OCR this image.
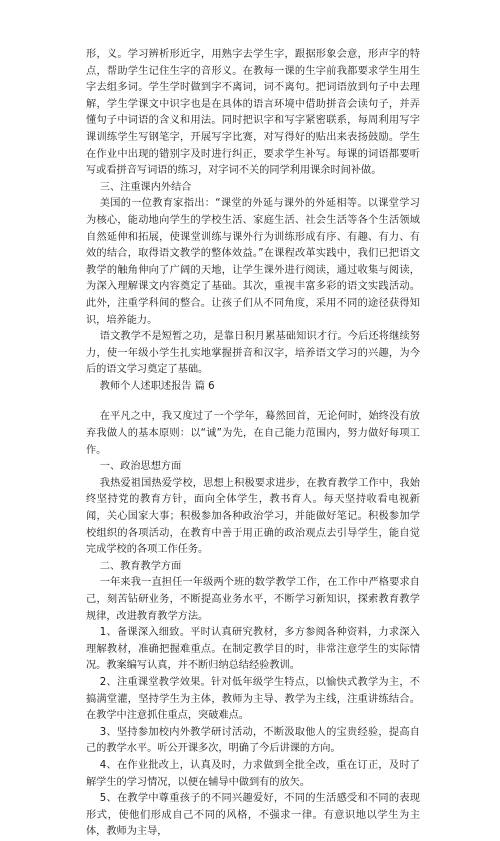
形，义。学习辨析形近字，用熟字去学生字，跟据形象会意，形声字的特点，帮助学生记住生字的音形义。在教每一课的生字前我都要求学生用生字去组多词。学生学时做到字不离词，词不离句。把词语放到句子中去理解，学生学课文中识字也是在具体的语言环境中借助拼音会读句子，并弄懂句子中词语的含义和用法。同时把识字和写字紧密联系，每周利用写字课训练学生写钢笔字，开展写字比赛，对写得好的贴出来表扬鼓励。学生在作业中出现的错别字及时进行纠正，要求学生补写。每课的词语都要听写或看拼音写词语的练习，对字词不关的同学利用课余时间补做。

三、注重课内外结合

美国的一位教育家指出：“课堂的外延与课外的外延相等。以课堂学习为核心，能动地向学生的学校生活、家庭生活、社会生活等各个生活领域自然延伸和拓展，使课堂训练与课外行为训练形成有序、有趣、有力、有效的结合，取得语文教学的整体效益。”在课程改革实践中，我们已把语文教学的触角伸向了广阔的天地，让学生课外进行阅读，通过收集与阅读，为深入理解课文内容奠定了基础。其次，重视丰富多彩的语文实践活动。此外，注重学科间的整合。让孩子们从不同角度，采用不同的途径获得知识，培养能力。

语文教学不是短暂之功，是靠日积月累基础知识才行。今后还将继续努力，使一年级小学生扎实地掌握拼音和汉字，培养语文学习的兴趣，为今后的语文学习奠定了基础。

教师个人述职述报告 篇 6

在平凡之中，我又度过了一个学年，蓦然回首，无论何时，始终没有放弃我做人的基本原则：以“诚”为先，在自己能力范围内，努力做好每项工作。

一、政治思想方面

我热爱祖国热爱学校，思想上积极要求进步，在教育教学工作中，我始终坚持党的教育方针，面向全体学生，教书育人。每天坚持收看电视新闻，关心国家大事；积极参加各种政治学习，并能做好笔记。积极参加学校组织的各项活动，在教育中善于用正确的政治观点去引导学生，能自觉完成学校的各项工作任务。

二、教育教学方面

一年来我一直担任一年级两个班的数学教学工作，在工作中严格要求自己，刻苦钻研业务，不断提高业务水平，不断学习新知识，探索教育教学规律，改进教育教学方法。

1、备课深入细致。平时认真研究教材，多方参阅各种资料，力求深入理解教材，准确把握难重点。在制定教学目的时，非常注意学生的实际情况。教案编写认真，并不断归纳总结经验教训。

2、注重课堂教学效果。针对低年级学生特点，以愉快式教学为主，不搞满堂灌，坚持学生为主体，教师为主导、教学为主线，注重讲练结合。在教学中注意抓住重点，突破难点。

3、坚持参加校内外教学研讨活动，不断汲取他人的宝贵经验，提高自己的教学水平。听公开课多次，明确了今后讲课的方向。

4、在作业批改上，认真及时，力求做到全批全改，重在订正，及时了解学生的学习情况，以便在辅导中做到有的放矢。

5、在教学中尊重孩子的不同兴趣爱好，不同的生活感受和不同的表现形式，使他们形成自己不同的风格，不强求一律。有意识地以学生为主体，教师为主导，
